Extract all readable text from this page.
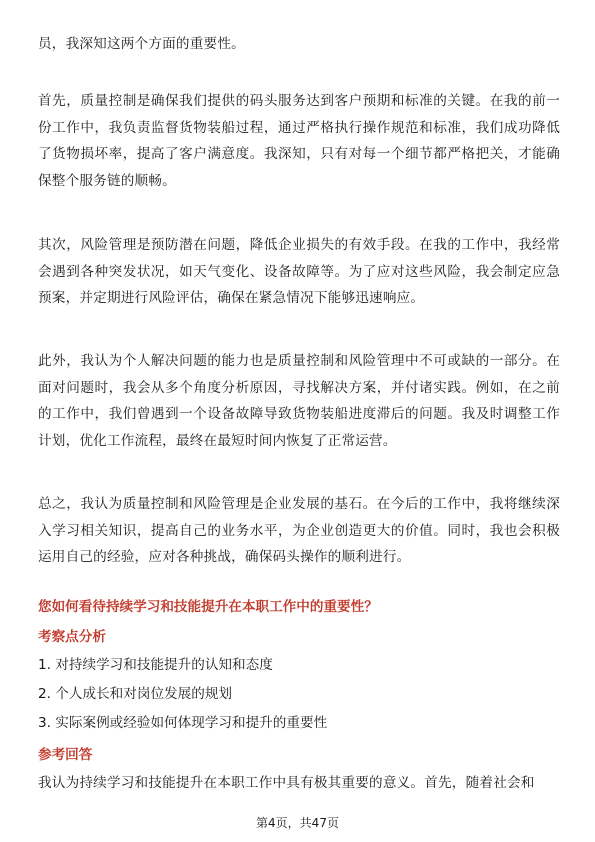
员，我深知这两个方面的重要性。

首先，质量控制是确保我们提供的码头服务达到客户预期和标准的关键。在我的前一份工作中，我负责监督货物装船过程，通过严格执行操作规范和标准，我们成功降低了货物损坏率，提高了客户满意度。我深知，只有对每一个细节都严格把关，才能确保整个服务链的顺畅。

其次，风险管理是预防潜在问题，降低企业损失的有效手段。在我的工作中，我经常会遇到各种突发状况，如天气变化、设备故障等。为了应对这些风险，我会制定应急预案，并定期进行风险评估，确保在紧急情况下能够迅速响应。

此外，我认为个人解决问题的能力也是质量控制和风险管理中不可或缺的一部分。在面对问题时，我会从多个角度分析原因，寻找解决方案，并付诸实践。例如，在之前的工作中，我们曾遇到一个设备故障导致货物装船进度滞后的问题。我及时调整工作计划，优化工作流程，最终在最短时间内恢复了正常运营。

总之，我认为质量控制和风险管理是企业发展的基石。在今后的工作中，我将继续深入学习相关知识，提高自己的业务水平，为企业创造更大的价值。同时，我也会积极运用自己的经验，应对各种挑战，确保码头操作的顺利进行。

您如何看待持续学习和技能提升在本职工作中的重要性？
考察点分析
1. 对持续学习和技能提升的认知和态度
2. 个人成长和对岗位发展的规划
3. 实际案例或经验如何体现学习和提升的重要性
参考回答

我认为持续学习和技能提升在本职工作中具有极其重要的意义。首先，随着社会和

第4页，共47页
